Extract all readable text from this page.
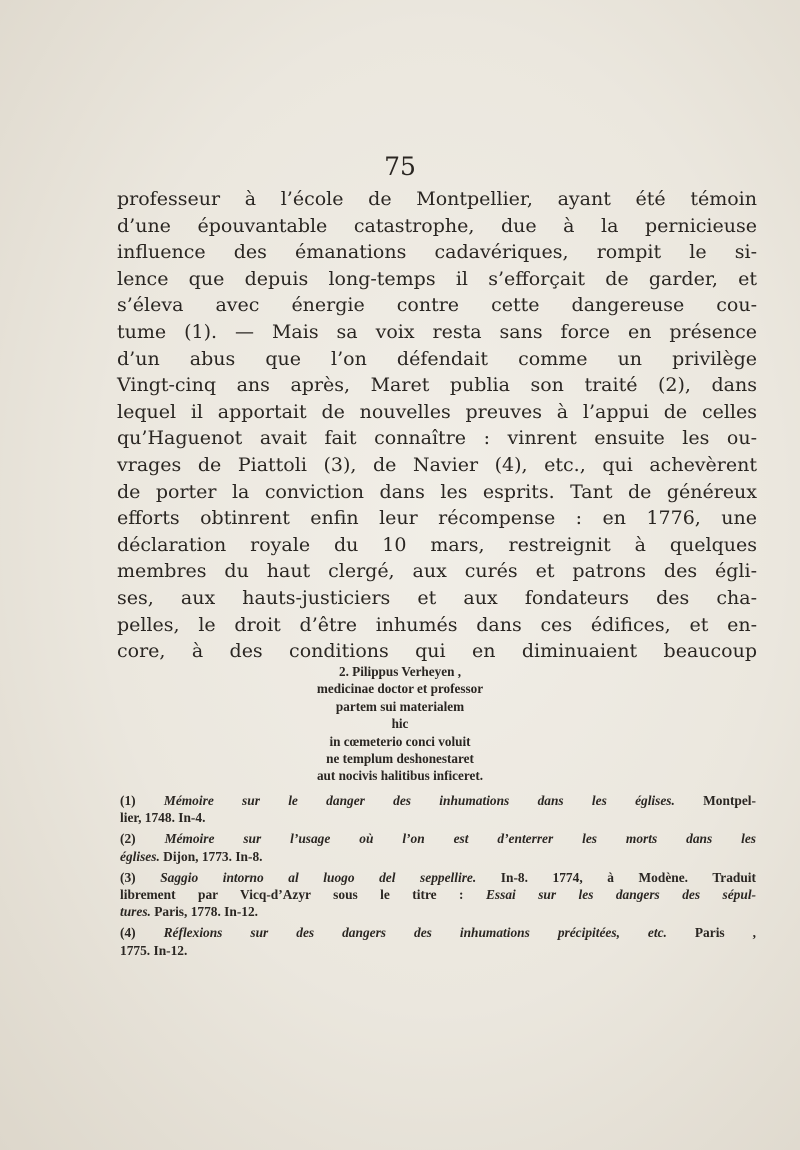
75
professeur à l’école de Montpellier, ayant été témoin
d’une épouvantable catastrophe, due à la pernicieuse
influence des émanations cadavériques, rompit le si-
lence que depuis long-temps il s’efforçait de garder, et
s’éleva avec énergie contre cette dangereuse cou-
tume (1). — Mais sa voix resta sans force en présence
d’un abus que l’on défendait comme un privilège
Vingt-cinq ans après, Maret publia son traité (2), dans
lequel il apportait de nouvelles preuves à l’appui de celles
qu’Haguenot avait fait connaître : vinrent ensuite les ou-
vrages de Piattoli (3), de Navier (4), etc., qui achevèrent
de porter la conviction dans les esprits. Tant de généreux
efforts obtinrent enfin leur récompense : en 1776, une
déclaration royale du 10 mars, restreignit à quelques
membres du haut clergé, aux curés et patrons des égli-
ses, aux hauts-justiciers et aux fondateurs des cha-
pelles, le droit d’être inhumés dans ces édifices, et en-
core, à des conditions qui en diminuaient beaucoup
2. Pilippus Verheyen ,
medicinae doctor et professor
partem sui materialem
hic
in cœmeterio conci voluit
ne templum deshonestaret
aut nocivis halitibus inficeret.
(1) Mémoire sur le danger des inhumations dans les églises. Montpel-
lier, 1748. In-4.
(2) Mémoire sur l’usage où l’on est d’enterrer les morts dans les
églises. Dijon, 1773. In-8.
(3) Saggio intorno al luogo del seppellire. In-8. 1774, à Modène. Traduit
librement par Vicq-d’Azyr sous le titre : Essai sur les dangers des sépul-
tures. Paris, 1778. In-12.
(4) Réflexions sur des dangers des inhumations précipitées, etc. Paris ,
1775. In-12.
